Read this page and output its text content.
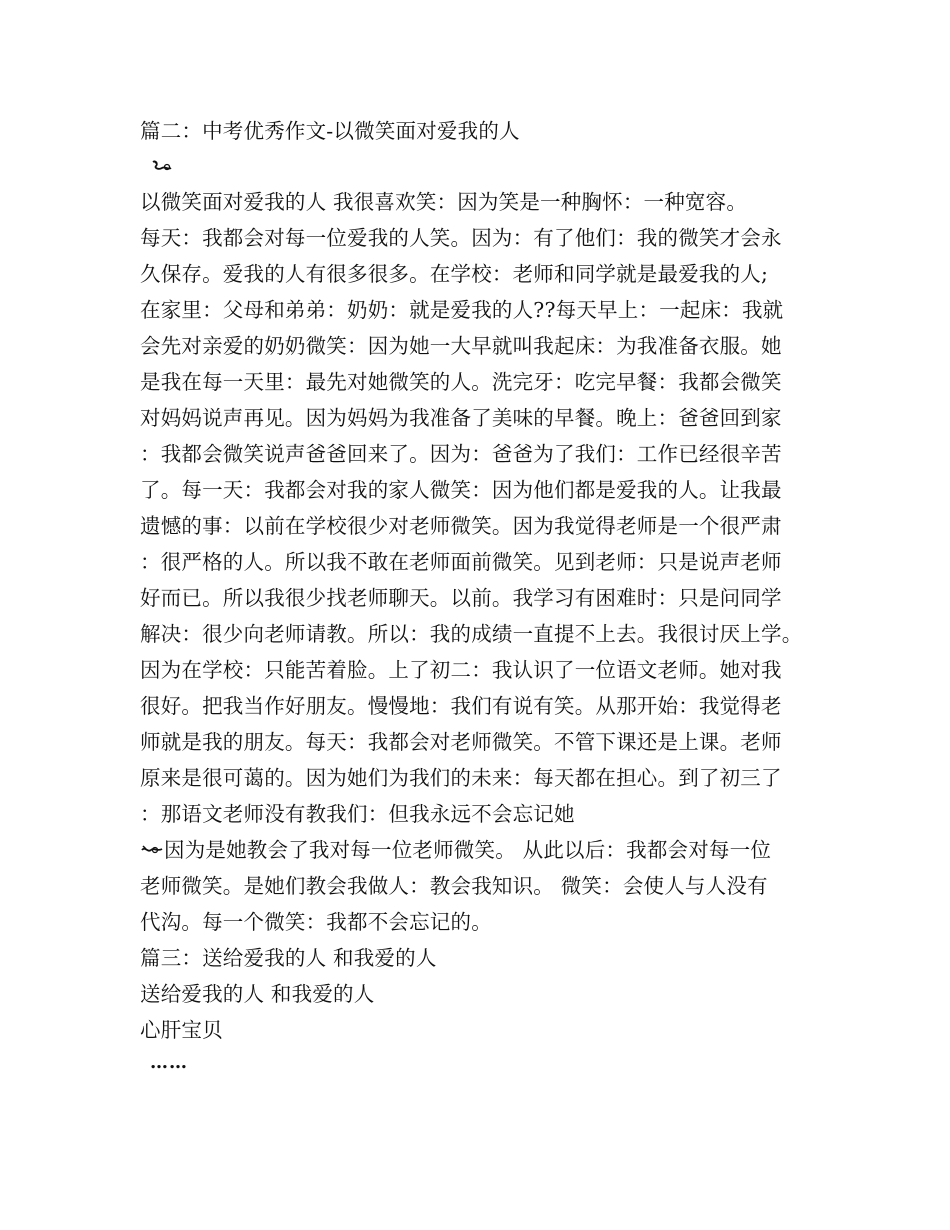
篇二：中考优秀作文-以微笑面对爱我的人
以微笑面对爱我的人 我很喜欢笑：因为笑是一种胸怀：一种宽容。
每天：我都会对每一位爱我的人笑。因为：有了他们：我的微笑才会永
久保存。爱我的人有很多很多。在学校：老师和同学就是最爱我的人;
在家里：父母和弟弟：奶奶：就是爱我的人??每天早上：一起床：我就
会先对亲爱的奶奶微笑：因为她一大早就叫我起床：为我准备衣服。她
是我在每一天里：最先对她微笑的人。洗完牙：吃完早餐：我都会微笑
对妈妈说声再见。因为妈妈为我准备了美味的早餐。晚上：爸爸回到家
：我都会微笑说声爸爸回来了。因为：爸爸为了我们：工作已经很辛苦
了。每一天：我都会对我的家人微笑：因为他们都是爱我的人。让我最
遗憾的事：以前在学校很少对老师微笑。因为我觉得老师是一个很严肃
：很严格的人。所以我不敢在老师面前微笑。见到老师：只是说声老师
好而已。所以我很少找老师聊天。以前。我学习有困难时：只是问同学
解决：很少向老师请教。所以：我的成绩一直提不上去。我很讨厌上学。
因为在学校：只能苦着脸。上了初二：我认识了一位语文老师。她对我
很好。把我当作好朋友。慢慢地：我们有说有笑。从那开始：我觉得老
师就是我的朋友。每天：我都会对老师微笑。不管下课还是上课。老师
原来是很可蔼的。因为她们为我们的未来：每天都在担心。到了初三了
：那语文老师没有教我们：但我永远不会忘记她
因为是她教会了我对每一位老师微笑。 从此以后：我都会对每一位
老师微笑。是她们教会我做人：教会我知识。 微笑：会使人与人没有
代沟。每一个微笑：我都不会忘记的。
篇三：送给爱我的人 和我爱的人
送给爱我的人 和我爱的人
心肝宝贝
……
